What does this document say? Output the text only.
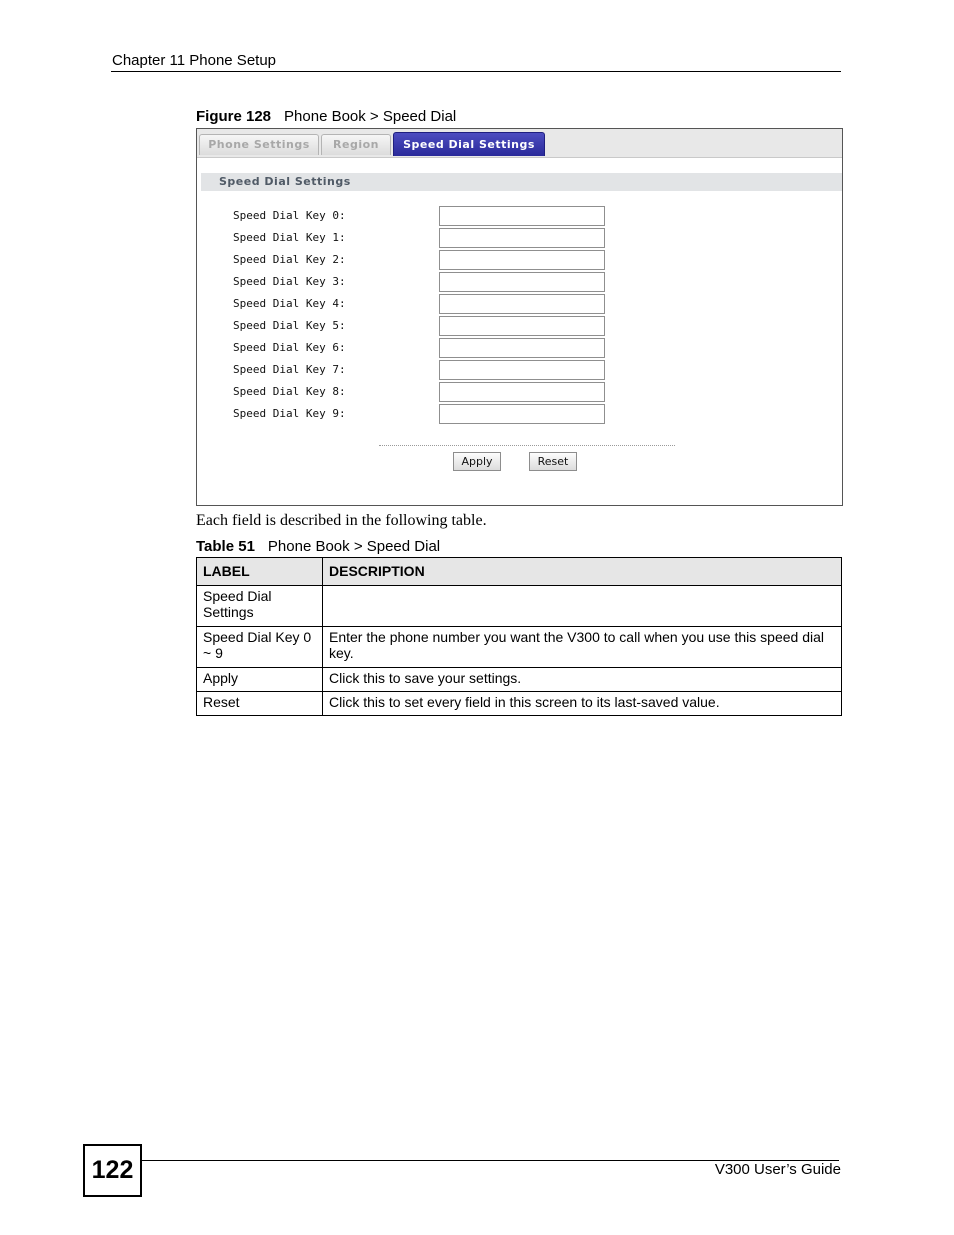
Chapter 11 Phone Setup
Figure 128 Phone Book > Speed Dial
Phone Settings	Region	Speed Dial Settings
Speed Dial Settings
Speed Dial Key 0:
Speed Dial Key 1:
Speed Dial Key 2:
Speed Dial Key 3:
Speed Dial Key 4:
Speed Dial Key 5:
Speed Dial Key 6:
Speed Dial Key 7:
Speed Dial Key 8:
Speed Dial Key 9:
Apply	Reset
Each field is described in the following table.
Table 51 Phone Book > Speed Dial
LABEL	DESCRIPTION
Speed Dial Settings	
Speed Dial Key 0 ~ 9	Enter the phone number you want the V300 to call when you use this speed dial key.
Apply	Click this to save your settings.
Reset	Click this to set every field in this screen to its last-saved value.
122	V300 User’s Guide
